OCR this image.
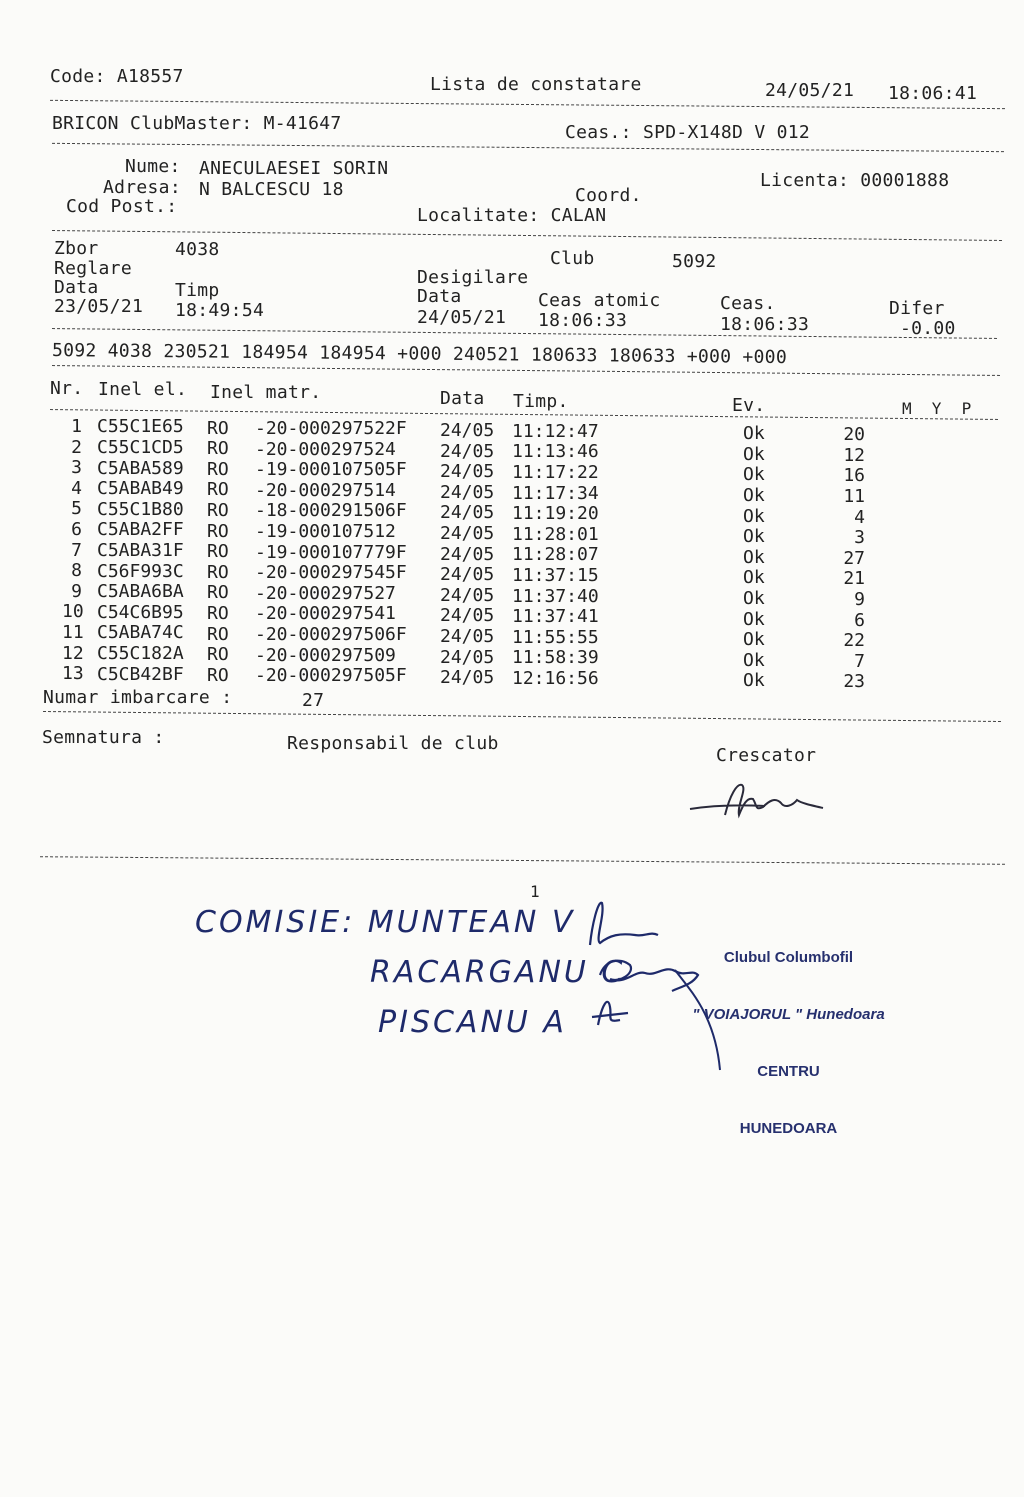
Code: A18557	Lista de constatare	24/05/21 18:06:41
BRICON ClubMaster: M-41647	Ceas.: SPD-X148D V 012
Nume: ANECULAESEI SORIN
Adresa: N BALCESCU 18
Cod Post.:
Coord.
Localitate: CALAN
Licenta: 00001888
Zbor	4038	Club	5092
Reglare	Desigilare
Data	Timp	Data	Ceas atomic	Ceas.	Difer
23/05/21 18:49:54	24/05/21 18:06:33	18:06:33	-0.00
5092 4038 230521 184954 184954 +000 240521 180633 180633 +000 +000
Nr. Inel el. Inel matr.	Data Timp.	Ev.	M  Y  P
1 C55C1E65 RO -20-000297522F 24/05 11:12:47	Ok	20
2 C55C1CD5 RO -20-000297524 24/05 11:13:46	Ok	12
3 C5ABA589 RO -19-000107505F 24/05 11:17:22	Ok	16
4 C5ABAB49 RO -20-000297514 24/05 11:17:34	Ok	11
5 C55C1B80 RO -18-000291506F 24/05 11:19:20	Ok	4
6 C5ABA2FF RO -19-000107512 24/05 11:28:01	Ok	3
7 C5ABA31F RO -19-000107779F 24/05 11:28:07	Ok	27
8 C56F993C RO -20-000297545F 24/05 11:37:15	Ok	21
9 C5ABA6BA RO -20-000297527 24/05 11:37:40	Ok	9
10 C54C6B95 RO -20-000297541 24/05 11:37:41	Ok	6
11 C5ABA74C RO -20-000297506F 24/05 11:55:55	Ok	22
12 C55C182A RO -20-000297509 24/05 11:58:39	Ok	7
13 C5CB42BF RO -20-000297505F 24/05 12:16:56	Ok	23
Numar imbarcare :	27
Semnatura :	Responsabil de club
Crescator
1
COMISIE: MUNTEAN V
RACARGANU C
PISCANU A

Clubul Columbofil

" VOIAJORUL " Hunedoara

CENTRU

HUNEDOARA
